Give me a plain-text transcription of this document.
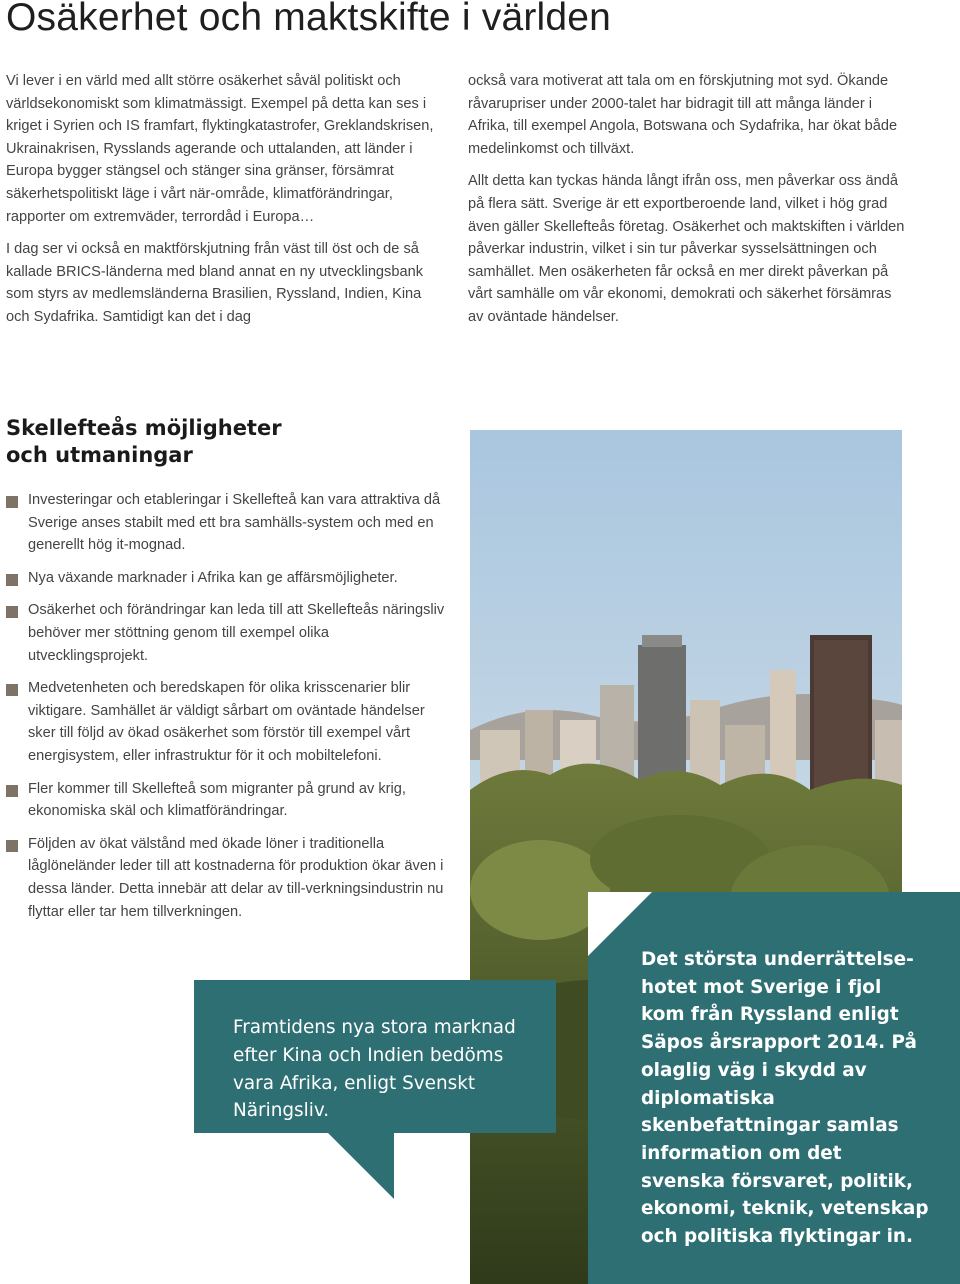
Osäkerhet och maktskifte i världen

Vi lever i en värld med allt större osäkerhet såväl politiskt och världsekonomiskt som klimatmässigt. Exempel på detta kan ses i kriget i Syrien och IS framfart, flyktingkatastrofer, Greklandskrisen, Ukrainakrisen, Rysslands agerande och uttalanden, att länder i Europa bygger stängsel och stänger sina gränser, försämrat säkerhetspolitiskt läge i vårt när-område, klimatförändringar, rapporter om extremväder, terrordåd i Europa…

I dag ser vi också en maktförskjutning från väst till öst och de så kallade BRICS-länderna med bland annat en ny utvecklingsbank som styrs av medlemsländerna Brasilien, Ryssland, Indien, Kina och Sydafrika. Samtidigt kan det i dag

också vara motiverat att tala om en förskjutning mot syd. Ökande råvarupriser under 2000-talet har bidragit till att många länder i Afrika, till exempel Angola, Botswana och Sydafrika, har ökat både medelinkomst och tillväxt.

Allt detta kan tyckas hända långt ifrån oss, men påverkar oss ändå på flera sätt. Sverige är ett exportberoende land, vilket i hög grad även gäller Skellefteås företag. Osäkerhet och maktskiften i världen påverkar industrin, vilket i sin tur påverkar sysselsättningen och samhället. Men osäkerheten får också en mer direkt påverkan på vårt samhälle om vår ekonomi, demokrati och säkerhet försämras av oväntade händelser.

Skellefteås möjligheter
och utmaningar
Investeringar och etableringar i Skellefteå kan vara attraktiva då Sverige anses stabilt med ett bra samhälls-system och med en generellt hög it-mognad.
Nya växande marknader i Afrika kan ge affärsmöjligheter.
Osäkerhet och förändringar kan leda till att Skellefteås näringsliv behöver mer stöttning genom till exempel olika utvecklingsprojekt.
Medvetenheten och beredskapen för olika krisscenarier blir viktigare. Samhället är väldigt sårbart om oväntade händelser sker till följd av ökad osäkerhet som förstör till exempel vårt energisystem, eller infrastruktur för it och mobiltelefoni.
Fler kommer till Skellefteå som migranter på grund av krig, ekonomiska skäl och klimatförändringar.
Följden av ökat välstånd med ökade löner i traditionella låglöneländer leder till att kostnaderna för produktion ökar även i dessa länder. Detta innebär att delar av till-verkningsindustrin nu flyttar eller tar hem tillverkningen.
Framtidens nya stora marknad efter Kina och Indien bedöms vara Afrika, enligt Svenskt Näringsliv.
Det största underrättelse-hotet mot Sverige i fjol kom från Ryssland enligt Säpos årsrapport 2014. På olaglig väg i skydd av diplomatiska skenbefattningar samlas information om det svenska försvaret, politik, ekonomi, teknik, vetenskap och politiska flyktingar in.
